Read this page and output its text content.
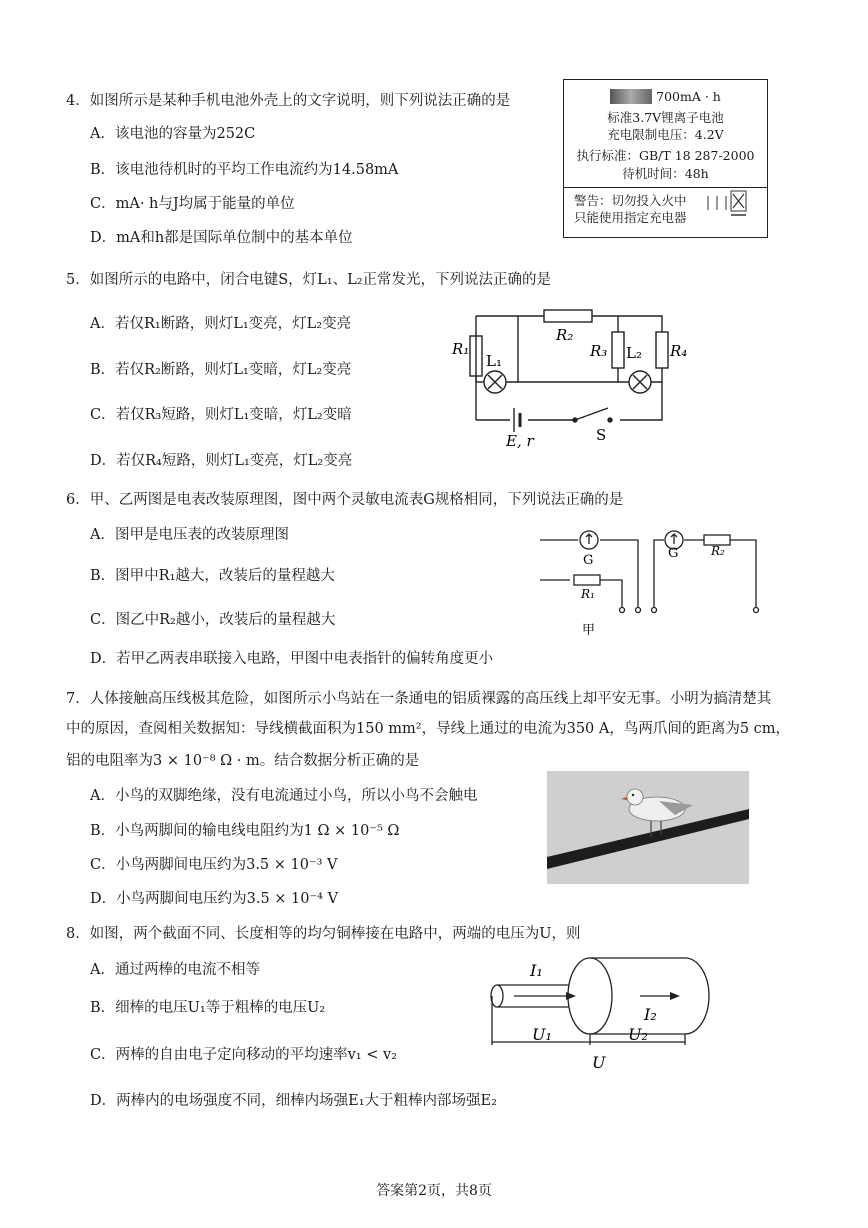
4．如图所示是某种手机电池外壳上的文字说明，则下列说法正确的是
A．该电池的容量为252C
B．该电池待机时的平均工作电流约为14.58mA
C．mA· h与J均属于能量的单位
D．mA和h都是国际单位制中的基本单位
700mA · h
标准3.7V锂离子电池
充电限制电压：4.2V
执行标准：GB/T 18 287-2000
待机时间：48h
警告：切勿投入火中
只能使用指定充电器
5．如图所示的电路中，闭合电键S，灯L₁、L₂正常发光，下列说法正确的是
A．若仅R₁断路，则灯L₁变亮，灯L₂变亮
B．若仅R₂断路，则灯L₁变暗，灯L₂变亮
C．若仅R₃短路，则灯L₁变暗，灯L₂变暗
D．若仅R₄短路，则灯L₁变亮，灯L₂变亮
R₁
L₁
R₂
R₃ L₂ R₄
E, r	S
6．甲、乙两图是电表改装原理图，图中两个灵敏电流表G规格相同，下列说法正确的是
A．图甲是电压表的改装原理图
B．图甲中R₁越大，改装后的量程越大
C．图乙中R₂越小，改装后的量程越大
D．若甲乙两表串联接入电路，甲图中电表指针的偏转角度更小
G
R₁
G	R₂
甲
7．人体接触高压线极其危险，如图所示小鸟站在一条通电的铝质裸露的高压线上却平安无事。小明为搞清楚其
中的原因，查阅相关数据知：导线横截面积为150 mm²，导线上通过的电流为350 A，鸟两爪间的距离为5 cm，
铝的电阻率为3 × 10⁻⁸ Ω · m。结合数据分析正确的是
A．小鸟的双脚绝缘，没有电流通过小鸟，所以小鸟不会触电
B．小鸟两脚间的输电线电阻约为1 Ω × 10⁻⁵ Ω
C．小鸟两脚间电压约为3.5 × 10⁻³ V
D．小鸟两脚间电压约为3.5 × 10⁻⁴ V
8．如图，两个截面不同、长度相等的均匀铜棒接在电路中，两端的电压为U，则
A．通过两棒的电流不相等
B．细棒的电压U₁等于粗棒的电压U₂
C．两棒的自由电子定向移动的平均速率v₁ < v₂
D．两棒内的电场强度不同，细棒内场强E₁大于粗棒内部场强E₂
I₁
I₂
U₁	U₂
U
答案第2页，共8页
